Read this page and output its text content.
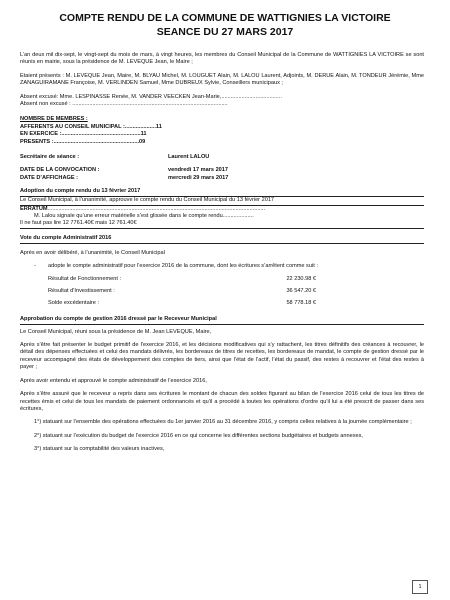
COMPTE RENDU DE LA COMMUNE DE WATTIGNIES LA VICTOIRE
SEANCE DU 27 MARS 2017

L’an deux mil dix-sept, le vingt-sept du mois de mars, à vingt heures, les membres du Conseil Municipal de la Commune de WATTIGNIES LA VICTOIRE se sont réunis en mairie, sous la présidence de M. LEVEQUE Jean, le Maire ;

Etaient présents : M. LEVEQUE Jean, Maire, M. BLYAU Michel, M. LOUGUET Alain, M. LALOU Laurent, Adjoints, M. DERUE Alain, M. TONDEUR Jérémie, Mme ZANAGUIRAMANE Françoise, M. VERLINDEN Samuel, Mme DUBREUX Sylvie, Conseillers municipaux ;

Absent excusé: Mme. LESPINASSE Renée, M. VANDER VEECKEN Jean-Marie,.......................................

Absent non excusé : ....................................................................................................

NOMBRE DE MEMBRES :

AFFERENTS AU CONSEIL MUNICIPAL : ....................11
EN EXERCICE : ...................................................11
PRESENTS : .......................................................09
Secrétaire de séance :	Laurent LALOU
DATE DE LA CONVOCATION :	vendredi 17 mars 2017
DATE D’AFFICHAGE :	mercredi 29 mars 2017

Adoption du compte rendu du 13 février 2017

Le Conseil Municipal, à l’unanimité, approuve le compte rendu du Conseil Municipal du 13 février 2017

ERRATUM............................................................................................................................................

M. Lalou signale qu’une erreur matérielle s’est glissée dans le compte rendu....................

Il ne faut pas lire 12 7761.40€ mais 12 761.40€

Vote du compte Administratif 2016

Après en avoir délibéré, à l’unanimité, le Conseil Municipal

-	adopte le compte administratif pour l’exercice 2016 de la commune, dont les écritures s’arrêtent comme suit :
Résultat de Fonctionnement :	22 230.98 €
Résultat d’Investissement :	36 547.20 €
Solde excédentaire :	58 778.18 €

Approbation du compte de gestion 2016 dressé par le Receveur Municipal

Le Conseil Municipal, réuni sous la présidence de M. Jean LEVEQUE, Maire,

Après s’être fait présenter le budget primitif de l’exercice 2016, et les décisions modificatives qui s’y rattachent, les titres définitifs des créances à recouvrer, le détail des dépenses effectuées et celui des mandats délivrés, les bordereaux de titres de recettes, les bordereaux de mandat, le compte de gestion dressé par le receveur accompagné des états de développement des comptes de tiers, ainsi que l’état de l’actif, l’état du passif, des restes à recouvrer et l’état des restes à payer ;

Après avoir entendu et approuvé le compte administratif de l’exercice 2016,

Après s’être assuré que le receveur a repris dans ses écritures le montant de chacun des soldes figurant au bilan de l’exercice 2016 celui de tous les titres de recettes émis et celui de tous les mandats de paiement ordonnancés et qu’il a procédé à toutes les opérations d’ordre qu’il lui a été prescrit de passer dans ses écritures,

1°) statuant sur l’ensemble des opérations effectuées du 1er janvier 2016 au 31 décembre 2016, y compris celles relatives à la journée complémentaire ;

2°) statuant sur l’exécution du budget de l’exercice 2016 en ce qui concerne les différentes sections budgétaires et budgets annexes,

3°) statuant sur la comptabilité des valeurs inactives,

1
